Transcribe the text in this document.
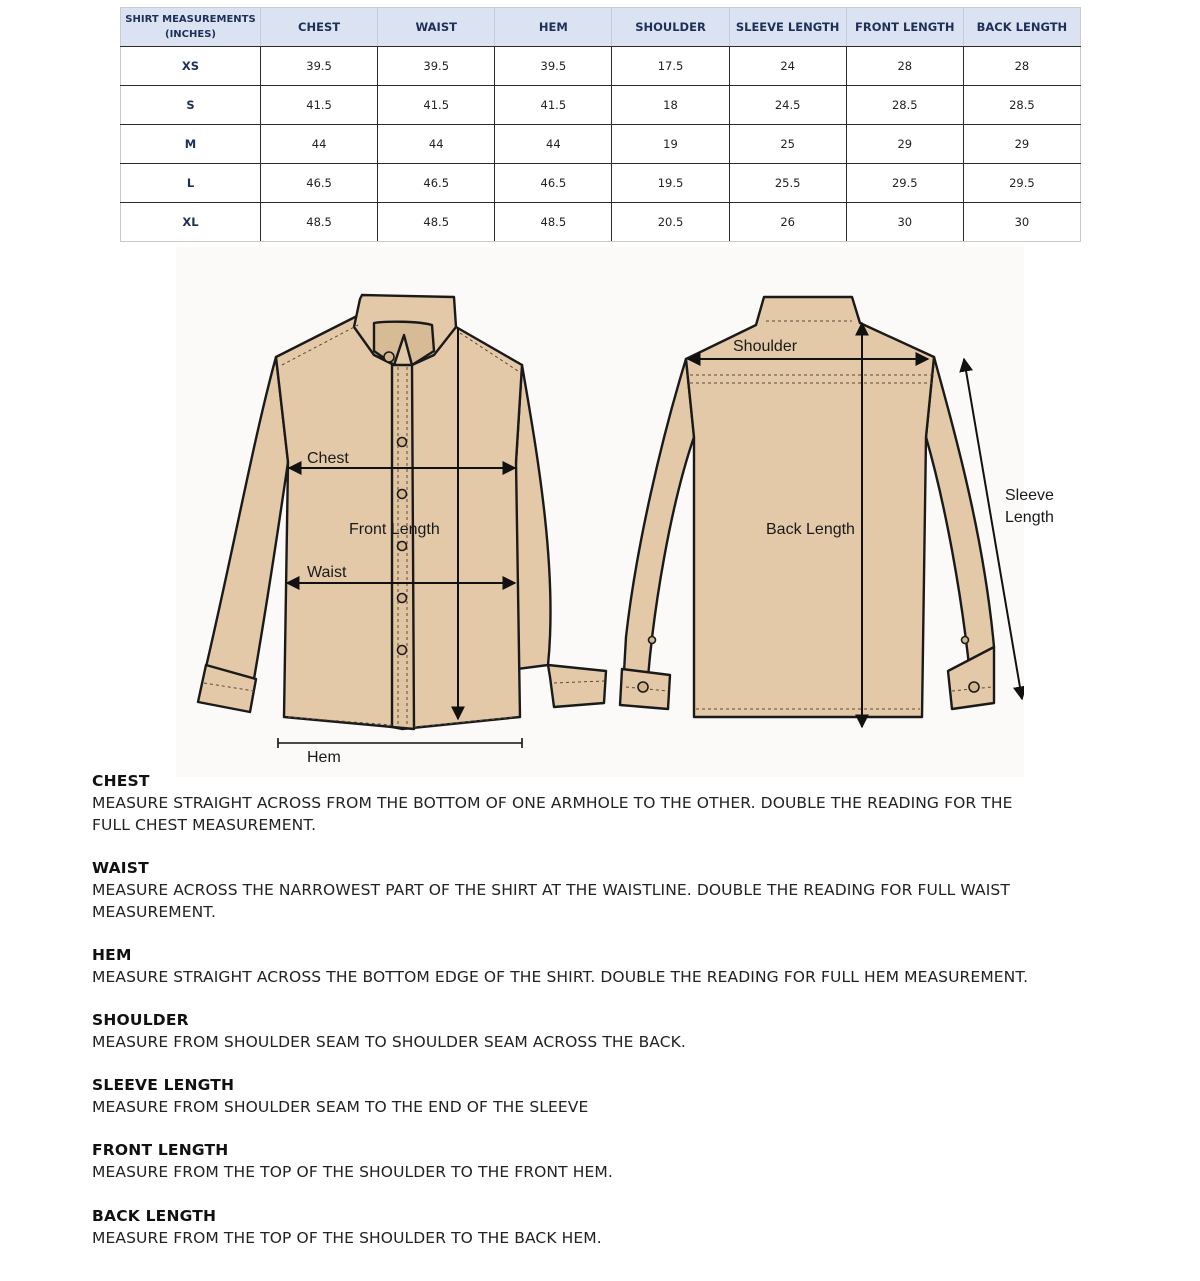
SHIRT MEASUREMENTS
(INCHES)	CHEST	WAIST	HEM	SHOULDER	SLEEVE LENGTH	FRONT LENGTH	BACK LENGTH
XS	39.5	39.5	39.5	17.5	24	28	28
S	41.5	41.5	41.5	18	24.5	28.5	28.5
M	44	44	44	19	25	29	29
L	46.5	46.5	46.5	19.5	25.5	29.5	29.5
XL	48.5	48.5	48.5	20.5	26	30	30
Chest
Waist
Front Length
Hem
Shoulder
Back Length
Sleeve
Length
CHEST
MEASURE STRAIGHT ACROSS FROM THE BOTTOM OF ONE ARMHOLE TO THE OTHER. DOUBLE THE READING FOR THE
FULL CHEST MEASUREMENT.
WAIST
MEASURE ACROSS THE NARROWEST PART OF THE SHIRT AT THE WAISTLINE. DOUBLE THE READING FOR FULL WAIST
MEASUREMENT.
HEM
MEASURE STRAIGHT ACROSS THE BOTTOM EDGE OF THE SHIRT. DOUBLE THE READING FOR FULL HEM MEASUREMENT.
SHOULDER
MEASURE FROM SHOULDER SEAM TO SHOULDER SEAM ACROSS THE BACK.
SLEEVE LENGTH
MEASURE FROM SHOULDER SEAM TO THE END OF THE SLEEVE
FRONT LENGTH
MEASURE FROM THE TOP OF THE SHOULDER TO THE FRONT HEM.
BACK LENGTH
MEASURE FROM THE TOP OF THE SHOULDER TO THE BACK HEM.
